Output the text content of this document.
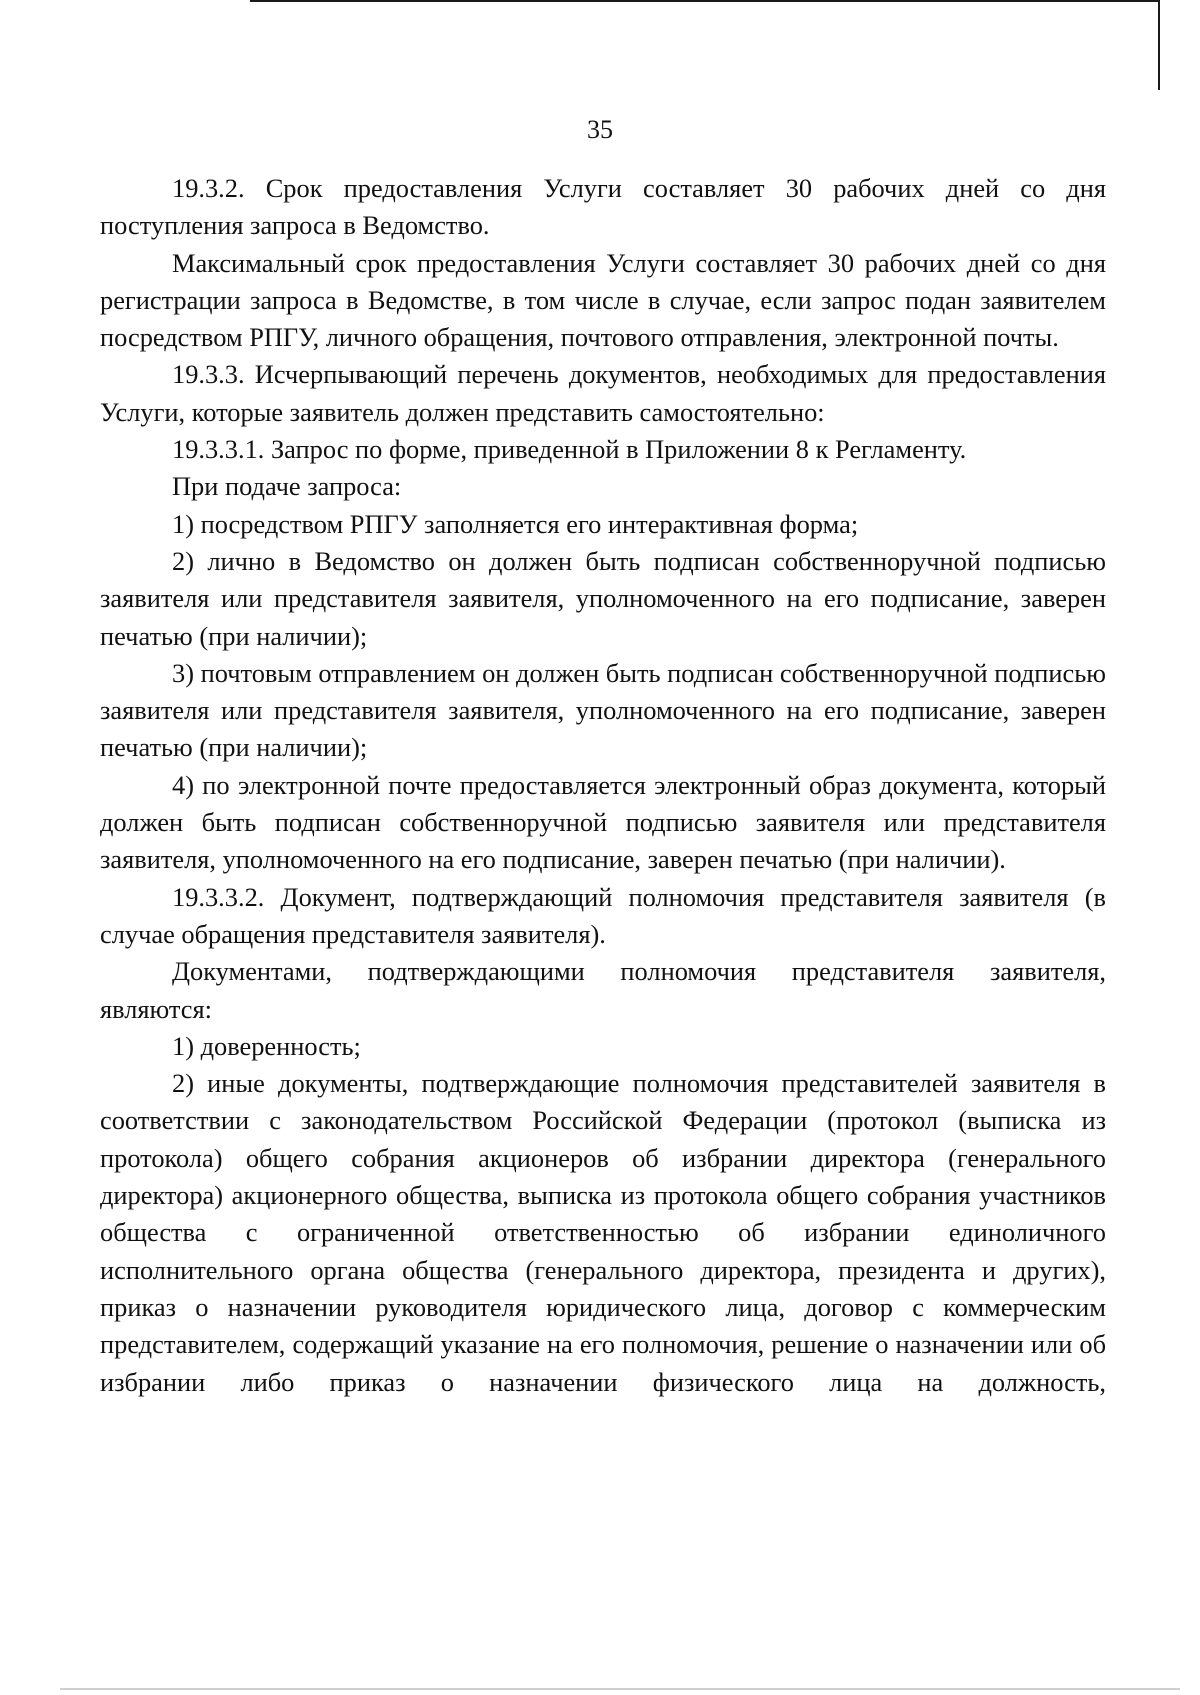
35

19.3.2. Срок предоставления Услуги составляет 30 рабочих дней со дня поступления запроса в Ведомство.

Максимальный срок предоставления Услуги составляет 30 рабочих дней со дня регистрации запроса в Ведомстве, в том числе в случае, если запрос подан заявителем посредством РПГУ, личного обращения, почтового отправления, электронной почты.

19.3.3. Исчерпывающий перечень документов, необходимых для предоставления Услуги, которые заявитель должен представить самостоятельно:

19.3.3.1. Запрос по форме, приведенной в Приложении 8 к Регламенту.

При подаче запроса:

1) посредством РПГУ заполняется его интерактивная форма;

2) лично в Ведомство он должен быть подписан собственноручной подписью заявителя или представителя заявителя, уполномоченного на его подписание, заверен печатью (при наличии);

3) почтовым отправлением он должен быть подписан собственноручной подписью заявителя или представителя заявителя, уполномоченного на его подписание, заверен печатью (при наличии);

4) по электронной почте предоставляется электронный образ документа, который должен быть подписан собственноручной подписью заявителя или представителя заявителя, уполномоченного на его подписание, заверен печатью (при наличии).

19.3.3.2. Документ, подтверждающий полномочия представителя заявителя (в случае обращения представителя заявителя).

Документами, подтверждающими полномочия представителя заявителя, являются:

1) доверенность;

2) иные документы, подтверждающие полномочия представителей заявителя в соответствии с законодательством Российской Федерации (протокол (выписка из протокола) общего собрания акционеров об избрании директора (генерального директора) акционерного общества, выписка из протокола общего собрания участников общества с ограниченной ответственностью об избрании единоличного исполнительного органа общества (генерального директора, президента и других), приказ о назначении руководителя юридического лица, договор с коммерческим представителем, содержащий указание на его полномочия, решение о назначении или об избрании либо приказ о назначении физического лица на должность,
